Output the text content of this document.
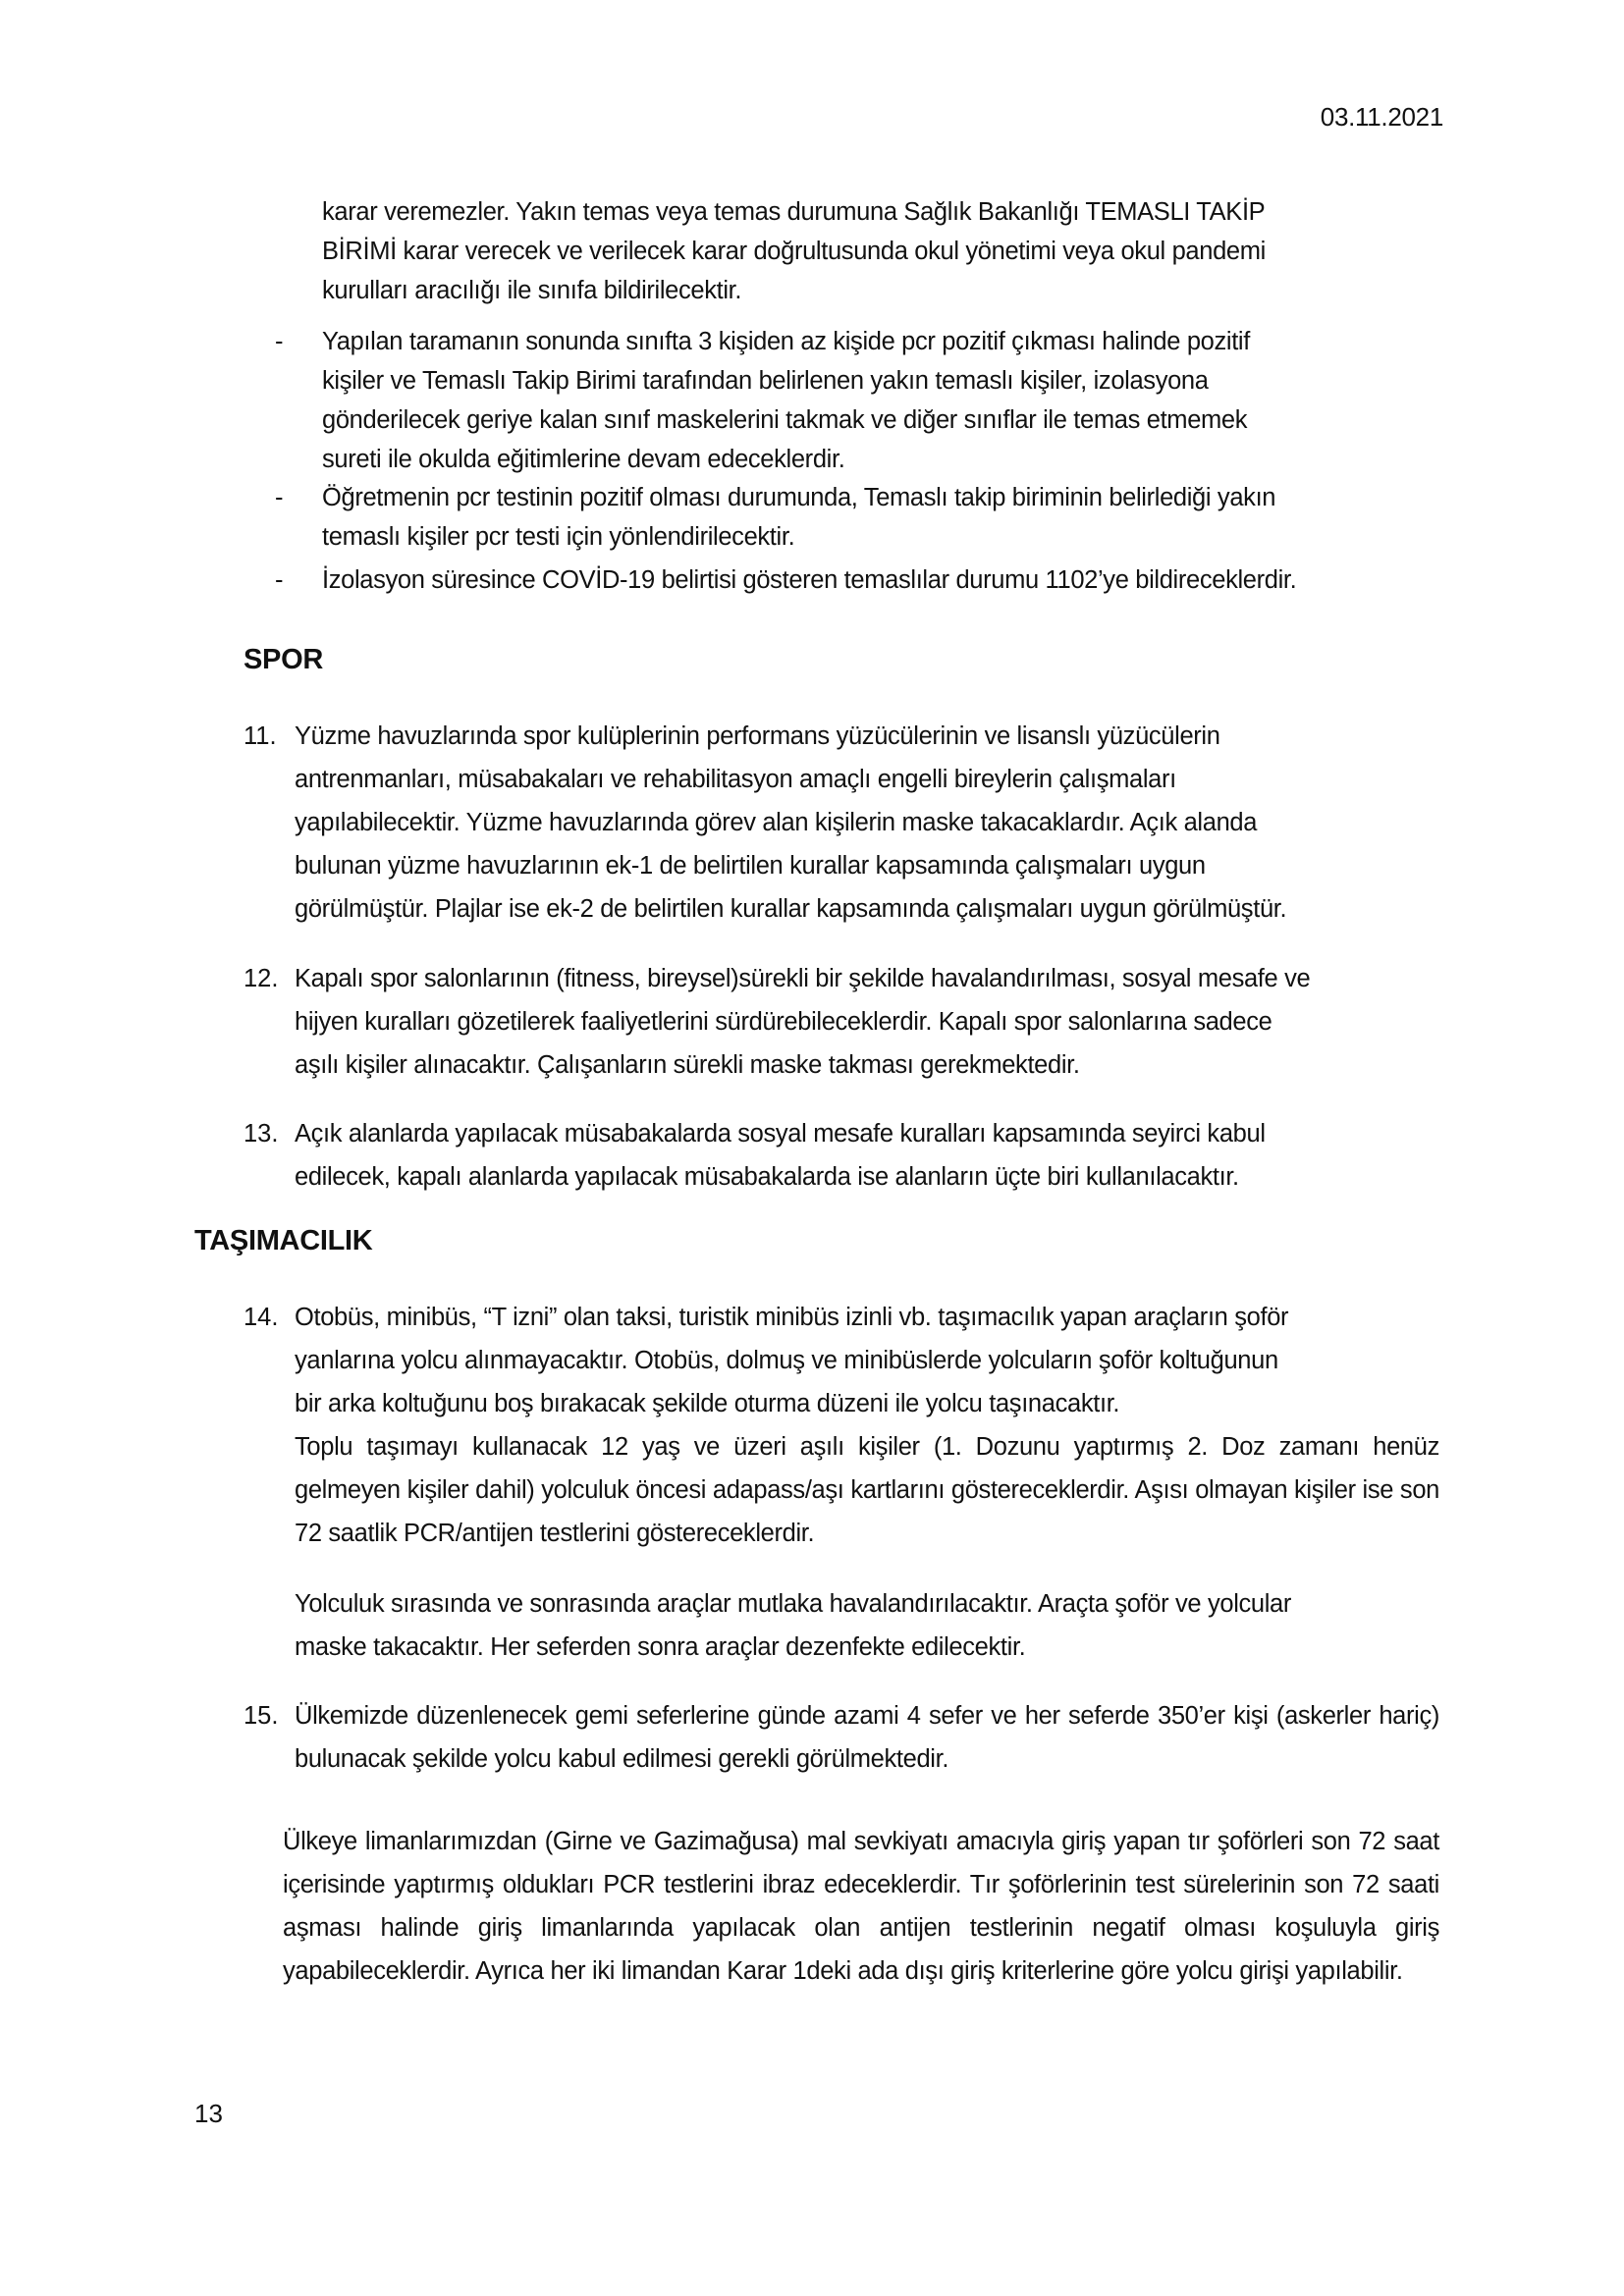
03.11.2021
karar veremezler. Yakın temas veya temas durumuna Sağlık Bakanlığı TEMASLI TAKİP
BİRİMİ karar verecek ve verilecek karar doğrultusunda okul yönetimi veya okul pandemi
kurulları aracılığı ile sınıfa bildirilecektir.
-	Yapılan taramanın sonunda sınıfta 3 kişiden az kişide pcr pozitif çıkması halinde pozitif
kişiler ve Temaslı Takip Birimi tarafından belirlenen yakın temaslı kişiler, izolasyona
gönderilecek geriye kalan sınıf maskelerini takmak ve diğer sınıflar ile temas etmemek
sureti ile okulda eğitimlerine devam edeceklerdir.
-	Öğretmenin pcr testinin pozitif olması durumunda, Temaslı takip biriminin belirlediği yakın
temaslı kişiler pcr testi için yönlendirilecektir.
-	İzolasyon süresince COVİD-19 belirtisi gösteren temaslılar durumu 1102’ye bildireceklerdir.
SPOR
11. Yüzme havuzlarında spor kulüplerinin performans yüzücülerinin ve lisanslı yüzücülerin
antrenmanları, müsabakaları ve rehabilitasyon amaçlı engelli bireylerin çalışmaları
yapılabilecektir. Yüzme havuzlarında görev alan kişilerin maske takacaklardır. Açık alanda
bulunan yüzme havuzlarının ek-1 de belirtilen kurallar kapsamında çalışmaları uygun
görülmüştür. Plajlar ise ek-2 de belirtilen kurallar kapsamında çalışmaları uygun görülmüştür.
12. Kapalı spor salonlarının (fitness, bireysel)sürekli bir şekilde havalandırılması, sosyal mesafe ve
hijyen kuralları gözetilerek faaliyetlerini sürdürebileceklerdir. Kapalı spor salonlarına sadece
aşılı kişiler alınacaktır. Çalışanların sürekli maske takması gerekmektedir.
13. Açık alanlarda yapılacak müsabakalarda sosyal mesafe kuralları kapsamında seyirci kabul
edilecek, kapalı alanlarda yapılacak müsabakalarda ise alanların üçte biri kullanılacaktır.
TAŞIMACILIK
14. Otobüs, minibüs, “T izni” olan taksi, turistik minibüs izinli vb. taşımacılık yapan araçların şoför
yanlarına yolcu alınmayacaktır. Otobüs, dolmuş ve minibüslerde yolcuların şoför koltuğunun
bir arka koltuğunu boş bırakacak şekilde oturma düzeni ile yolcu taşınacaktır.
Toplu taşımayı kullanacak 12 yaş ve üzeri aşılı kişiler (1. Dozunu yaptırmış 2. Doz zamanı henüz gelmeyen kişiler dahil) yolculuk öncesi adapass/aşı kartlarını göstereceklerdir. Aşısı olmayan kişiler ise son 72 saatlik PCR/antijen testlerini göstereceklerdir.
Yolculuk sırasında ve sonrasında araçlar mutlaka havalandırılacaktır. Araçta şoför ve yolcular
maske takacaktır. Her seferden sonra araçlar dezenfekte edilecektir.
15. Ülkemizde düzenlenecek gemi seferlerine günde azami 4 sefer ve her seferde 350’er kişi (askerler hariç) bulunacak şekilde yolcu kabul edilmesi gerekli görülmektedir.
Ülkeye limanlarımızdan (Girne ve Gazimağusa) mal sevkiyatı amacıyla giriş yapan tır şoförleri son 72 saat içerisinde yaptırmış oldukları PCR testlerini ibraz edeceklerdir. Tır şoförlerinin test sürelerinin son 72 saati aşması halinde giriş limanlarında yapılacak olan antijen testlerinin negatif olması koşuluyla giriş yapabileceklerdir. Ayrıca her iki limandan Karar 1deki ada dışı giriş kriterlerine göre yolcu girişi yapılabilir.
13
